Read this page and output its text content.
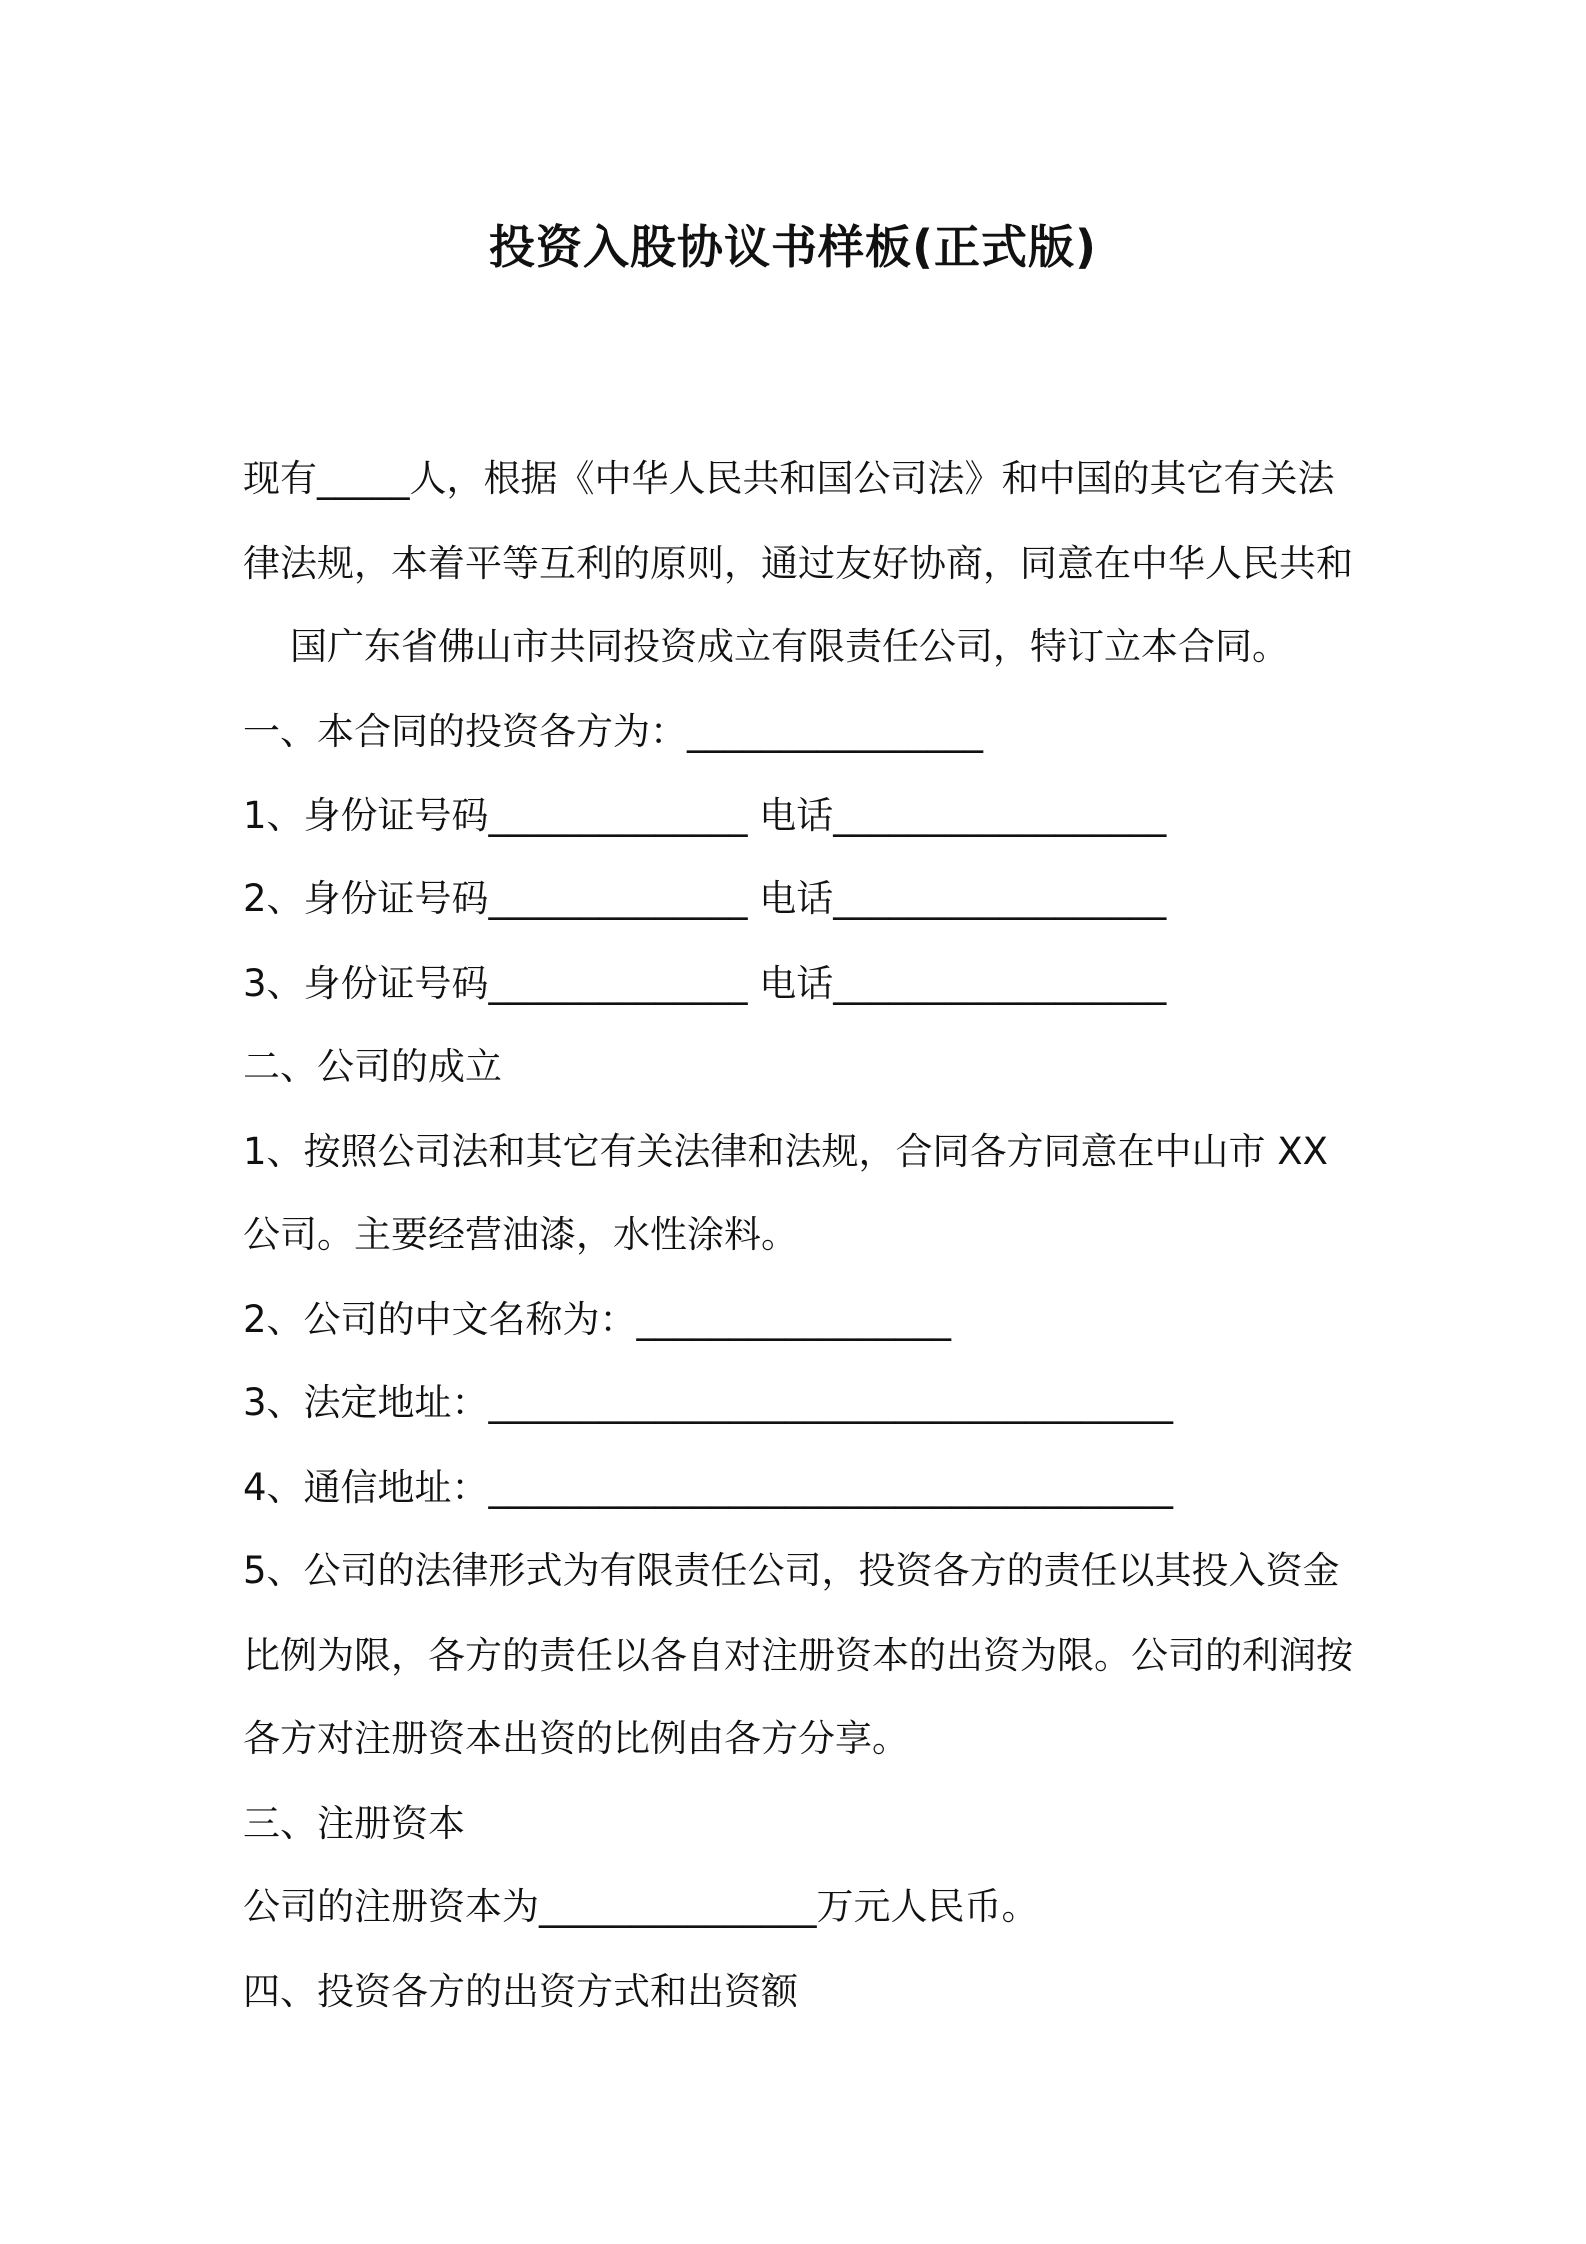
投资入股协议书样板(正式版)
现有_____人，根据《中华人民共和国公司法》和中国的其它有关法
律法规，本着平等互利的原则，通过友好协商，同意在中华人民共和
国广东省佛山市共同投资成立有限责任公司，特订立本合同。
一、本合同的投资各方为：________________
1、身份证号码______________ 电话__________________
2、身份证号码______________ 电话__________________
3、身份证号码______________ 电话__________________
二、公司的成立
1、按照公司法和其它有关法律和法规，合同各方同意在中山市 XX
公司。主要经营油漆，水性涂料。
2、公司的中文名称为：_________________
3、法定地址：_____________________________________
4、通信地址：_____________________________________
5、公司的法律形式为有限责任公司，投资各方的责任以其投入资金
比例为限，各方的责任以各自对注册资本的出资为限。公司的利润按
各方对注册资本出资的比例由各方分享。
三、注册资本
公司的注册资本为_______________万元人民币。
四、投资各方的出资方式和出资额
